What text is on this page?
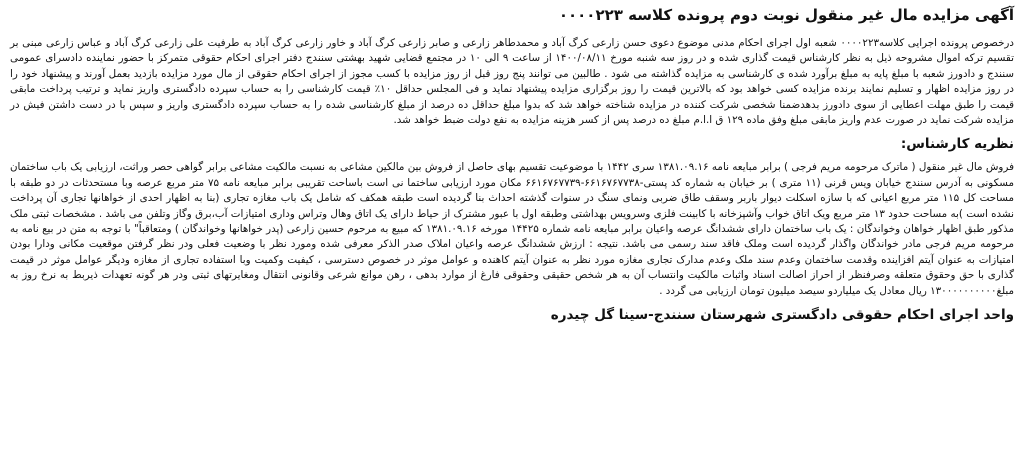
آگهی مزایده مال غیر منقول نوبت دوم پرونده کلاسه ۰۰۰۰۲۲۳

درخصوص پرونده اجرایی کلاسه۰۰۰۰۲۲۳ شعبه اول اجرای احکام مدنی موضوع دعوی حسن زارعی کرگ آباد و محمدطاهر زارعی و صابر زارعی کرگ آباد و خاور زارعی کرگ آباد به طرفیت علی زارعی کرگ آباد و عباس زارعی مبنی بر تقسیم ترکه اموال مشروحه ذیل به نظر کارشناس قیمت گذاری شده و در روز سه شنبه مورخ ۱۴۰۰/۰۸/۱۱ از ساعت ۹ الی ۱۰ در مجتمع قضایی شهید بهشتی سنندج دفتر اجرای احکام حقوقی متمرکز با حضور نماینده دادسرای عمومی سنندج و دادورز شعبه با مبلغ پایه به مبلغ برآورد شده ی کارشناسی به مزایده گذاشته می شود . طالبین می توانند پنج روز قبل از روز مزایده با کسب مجوز از اجرای احکام حقوقی از مال مورد مزایده بازدید بعمل آورند و پیشنهاد خود را در روز مزایده اظهار و تسلیم نمایند برنده مزایده کسی خواهد بود که بالاترین قیمت را روز برگزاری مزایده پیشنهاد نماید و فی المجلس حداقل ۱۰٪ قیمت کارشناسی را به حساب سپرده دادگستری واریز نماید و ترتیب پرداخت مابقی قیمت را طبق مهلت اعطایی از سوی دادورز بدهدضمنا شخصی شرکت کننده در مزایده شناخته خواهد شد که بدوا مبلغ حداقل ده درصد از مبلغ کارشناسی شده را به حساب سپرده دادگستری واریز و سپس با در دست داشتن فیش در مزایده شرکت نماید در صورت عدم واریز مابقی مبلغ وفق ماده ۱۲۹ ق ا.ا.م مبلغ ده درصد پس از کسر هزینه مزایده به نفع دولت ضبط خواهد شد.

نظریه کارشناس:

فروش مال غیر منقول ( ماترک مرحومه مریم فرجی ) برابر مبایعه نامه ۱۳۸۱.۰۹.۱۶ سری ۱۴۴۲ با موضوعیت تقسیم بهای حاصل از فروش بین مالکین مشاعی به نسبت مالکیت مشاعی برابر گواهی حصر وراثت، ارزیابی یک باب ساختمان مسکونی به آدرس سنندج خیابان ویس قرنی (۱۱ متری ) بر خیابان به شماره کد پستی-۶۶۱۶۷۶۷۷۳۸-۶۶۱۶۷۶۷۷۳۹ مکان مورد ارزیابی ساختما نی است باساحت تقریبی برابر مبایعه نامه ۷۵ متر مربع عرصه وبا مستحدثات در دو طبقه با مساحت کل ۱۱۵ متر مربع اعیانی که با سازه اسکلت دیوار باربر وسقف طاق ضربی ونمای سنگ در سنوات گذشته احداث بنا گردیده است طبقه همکف که شامل یک باب مغازه تجاری (بنا به اظهار احدی از خواهانها تجاری آن پرداخت نشده است )به مساحت حدود ۱۳ متر مربع ویک اتاق خواب وآشپزخانه با کابینت فلزی وسرویس بهداشتی وطبقه اول با عبور مشترک از حیاط دارای یک اتاق وهال وتراس وداری امتیازات آب،برق وگاز وتلفن می باشد . مشخصات ثبتی ملک مذکور طبق اظهار خواهان وخواندگان : یک باب ساختمان دارای ششدانگ عرصه واعیان برابر مبایعه نامه شماره ۱۴۴۲۵ مورخه ۱۳۸۱.۰۹.۱۶ که مبیع به مرحوم حسین زارعی (پدر خواهانها وخواندگان ) ومتعاقباً" با توجه به متن در بیع نامه به مرحومه مریم فرجی مادر خواندگان واگذار گردیده است وملک فاقد سند رسمی می باشد. نتیجه : ارزش ششدانگ عرصه واعیان املاک صدر الذکر معرفی شده ومورد نظر با وضعیت فعلی ودر نظر گرفتن موقعیت مکانی ودارا بودن امتیازات به عنوان آیتم افزاینده وقدمت ساختمان وعدم سند ملک وعدم مدارک تجاری مغازه مورد نظر به عنوان آیتم کاهنده و عوامل موثر در خصوص دسترسی ، کیفیت وکمیت وبا استفاده تجاری از مغازه ودیگر عوامل موثر در قیمت گذاری با حق وحقوق متعلقه وصرفنظر از احراز اصالت اسناد واثبات مالکیت وانتساب آن به هر شخص حقیقی وحقوقی فارغ از موارد بدهی ، رهن موانع شرعی وقانونی انتقال ومغایرتهای ثبتی ودر هر گونه تعهدات ذیربط به نرخ روز به مبلغ۱۳۰۰۰۰۰۰۰۰۰۰ ریال معادل یک میلیاردو سیصد میلیون تومان ارزیابی می گردد .

واحد اجرای احکام حقوقی دادگستری شهرستان سنندج-سینا گل چیدره
